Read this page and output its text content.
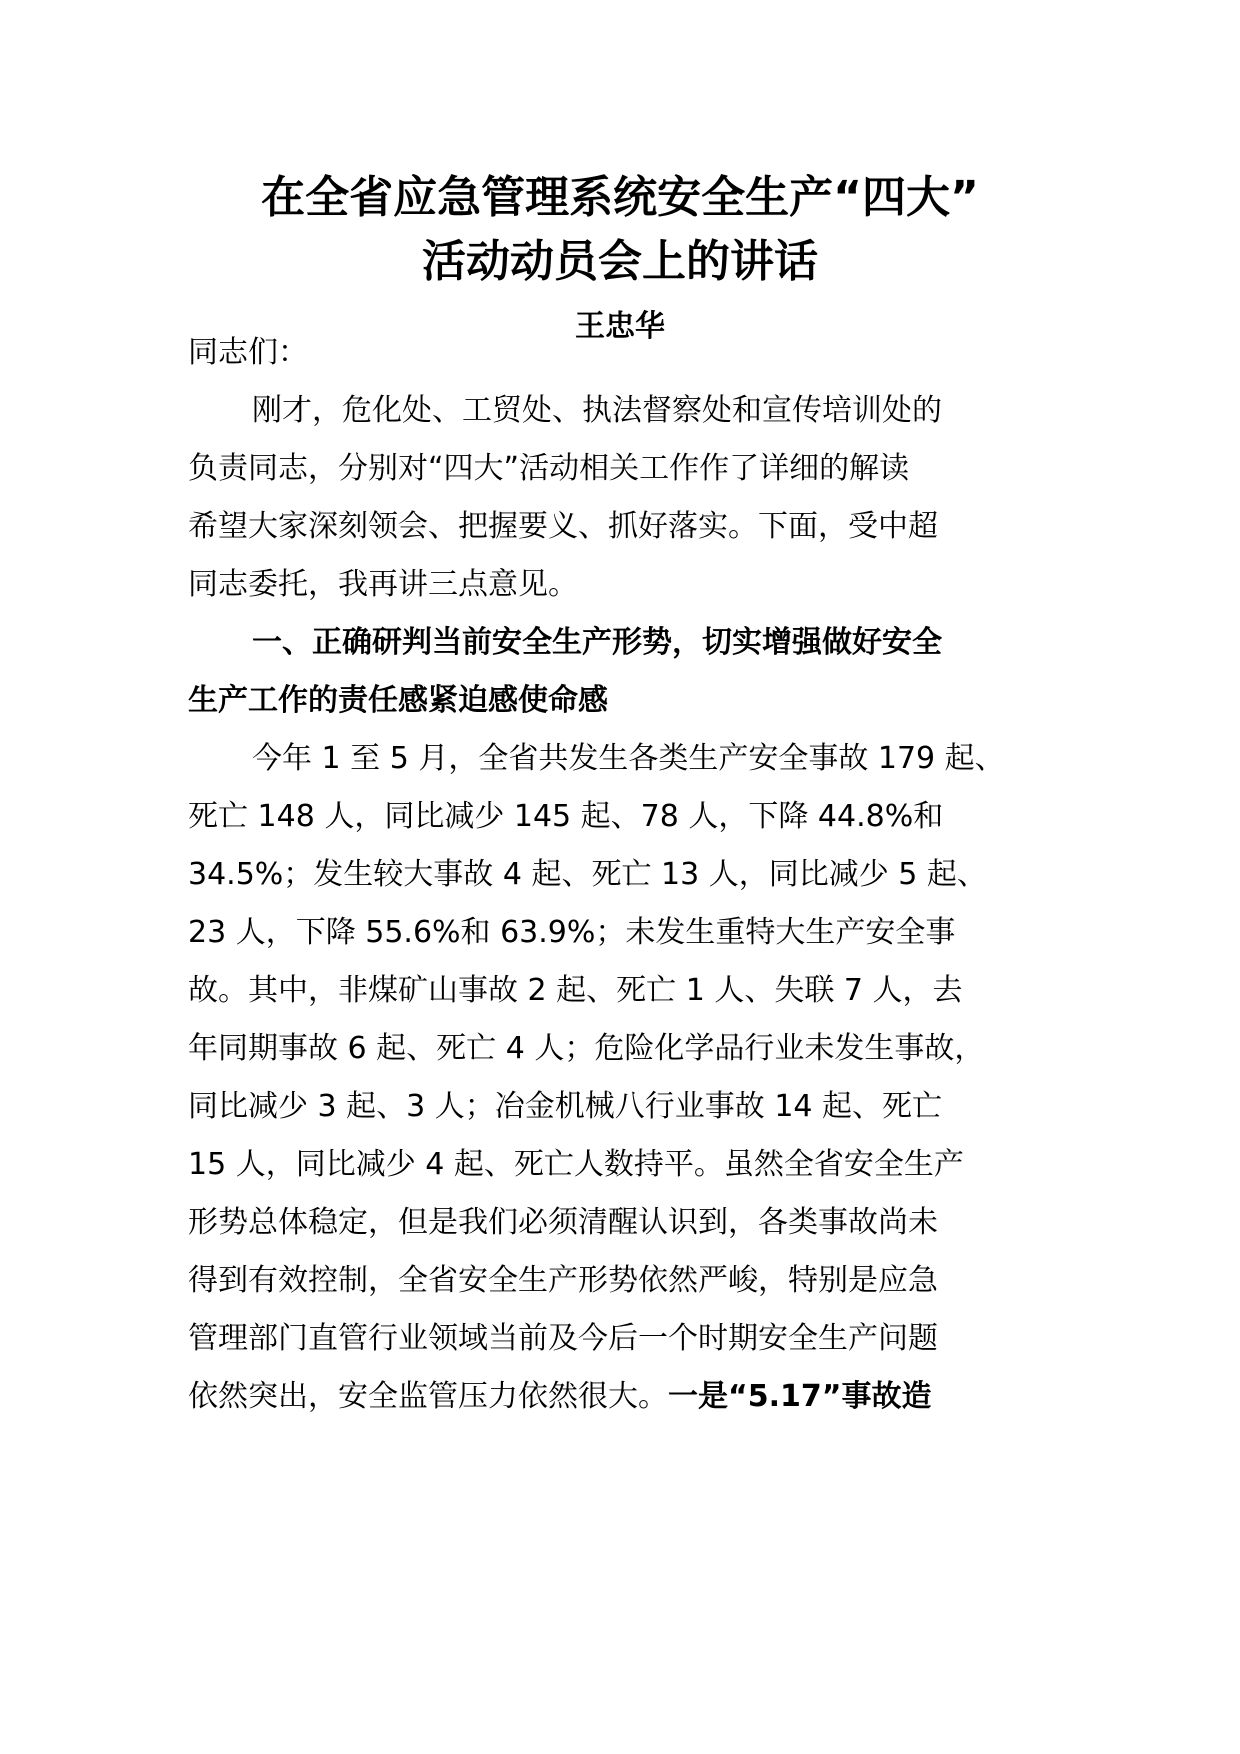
在全省应急管理系统安全生产“四大”
活动动员会上的讲话
王忠华
同志们：
刚才，危化处、工贸处、执法督察处和宣传培训处的
负责同志，分别对“四大”活动相关工作作了详细的解读
希望大家深刻领会、把握要义、抓好落实。下面，受中超
同志委托，我再讲三点意见。
一、正确研判当前安全生产形势，切实增强做好安全
生产工作的责任感紧迫感使命感
今年 1 至 5 月，全省共发生各类生产安全事故 179 起、
死亡 148 人，同比减少 145 起、78 人，下降 44.8%和
34.5%；发生较大事故 4 起、死亡 13 人，同比减少 5 起、
23 人，下降 55.6%和 63.9%；未发生重特大生产安全事
故。其中，非煤矿山事故 2 起、死亡 1 人、失联 7 人，去
年同期事故 6 起、死亡 4 人；危险化学品行业未发生事故，
同比减少 3 起、3 人；冶金机械八行业事故 14 起、死亡
15 人，同比减少 4 起、死亡人数持平。虽然全省安全生产
形势总体稳定，但是我们必须清醒认识到，各类事故尚未
得到有效控制，全省安全生产形势依然严峻，特别是应急
管理部门直管行业领域当前及今后一个时期安全生产问题
依然突出，安全监管压力依然很大。一是“5.17”事故造
